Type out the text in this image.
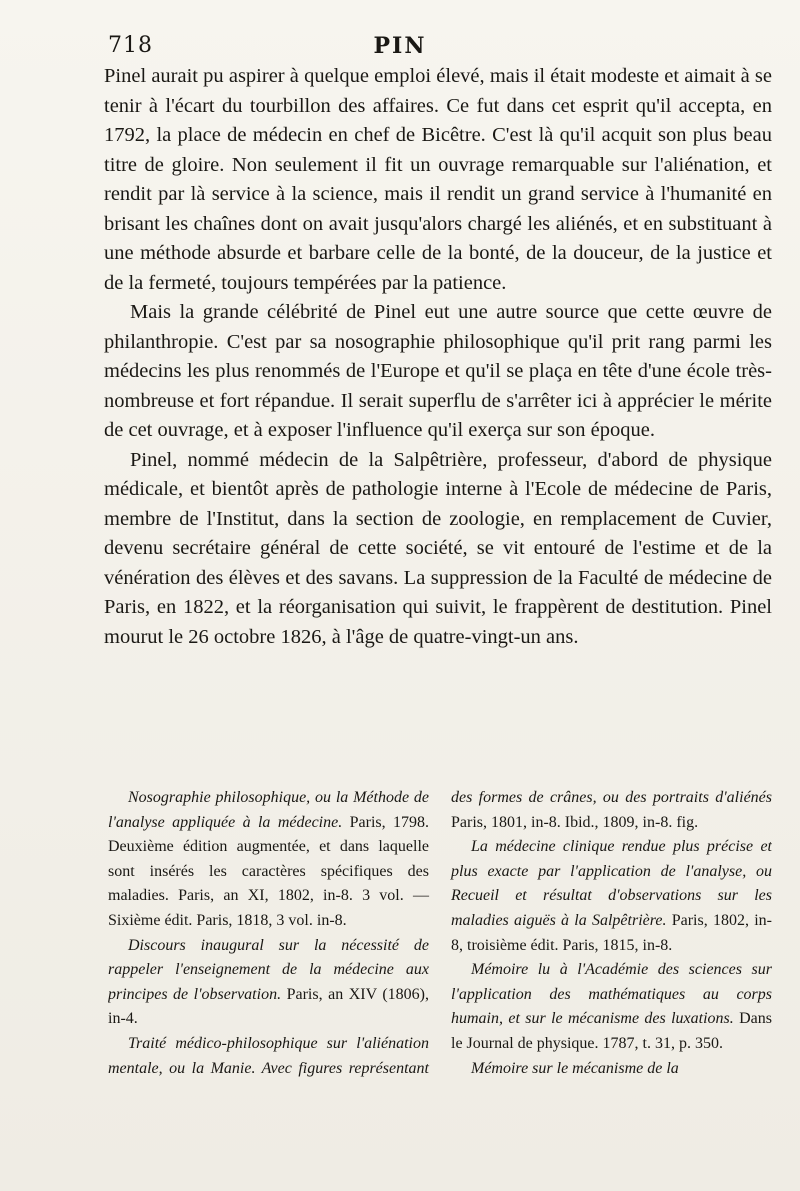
718	PIN

Pinel aurait pu aspirer à quelque emploi élevé, mais il était modeste et aimait à se tenir à l'écart du tourbillon des affaires. Ce fut dans cet esprit qu'il accepta, en 1792, la place de médecin en chef de Bicêtre. C'est là qu'il acquit son plus beau titre de gloire. Non seulement il fit un ouvrage remarquable sur l'aliénation, et rendit par là service à la science, mais il rendit un grand service à l'humanité en brisant les chaînes dont on avait jusqu'alors chargé les aliénés, et en substituant à une méthode absurde et barbare celle de la bonté, de la douceur, de la justice et de la fermeté, toujours tempérées par la patience.

Mais la grande célébrité de Pinel eut une autre source que cette œuvre de philanthropie. C'est par sa nosographie philosophique qu'il prit rang parmi les médecins les plus renommés de l'Europe et qu'il se plaça en tête d'une école très-nombreuse et fort répandue. Il serait superflu de s'arrêter ici à apprécier le mérite de cet ouvrage, et à exposer l'influence qu'il exerça sur son époque.

Pinel, nommé médecin de la Salpêtrière, professeur, d'abord de physique médicale, et bientôt après de pathologie interne à l'Ecole de médecine de Paris, membre de l'Institut, dans la section de zoologie, en remplacement de Cuvier, devenu secrétaire général de cette société, se vit entouré de l'estime et de la vénération des élèves et des savans. La suppression de la Faculté de médecine de Paris, en 1822, et la réorganisation qui suivit, le frappèrent de destitution. Pinel mourut le 26 octobre 1826, à l'âge de quatre-vingt-un ans.

Nosographie philosophique, ou la Méthode de l'analyse appliquée à la médecine. Paris, 1798. Deuxième édition augmentée, et dans laquelle sont insérés les caractères spécifiques des maladies. Paris, an XI, 1802, in-8. 3 vol. — Sixième édit. Paris, 1818, 3 vol. in-8.

Discours inaugural sur la nécessité de rappeler l'enseignement de la médecine aux principes de l'observation. Paris, an XIV (1806), in-4.

Traité médico-philosophique sur l'aliénation mentale, ou la Manie. Avec figures représentant des formes de crânes, ou des portraits d'aliénés Paris, 1801, in-8. Ibid., 1809, in-8. fig.

La médecine clinique rendue plus précise et plus exacte par l'application de l'analyse, ou Recueil et résultat d'observations sur les maladies aiguës à la Salpêtrière. Paris, 1802, in-8, troisième édit. Paris, 1815, in-8.

Mémoire lu à l'Académie des sciences sur l'application des mathématiques au corps humain, et sur le mécanisme des luxations. Dans le Journal de physique. 1787, t. 31, p. 350.

Mémoire sur le mécanisme de la
